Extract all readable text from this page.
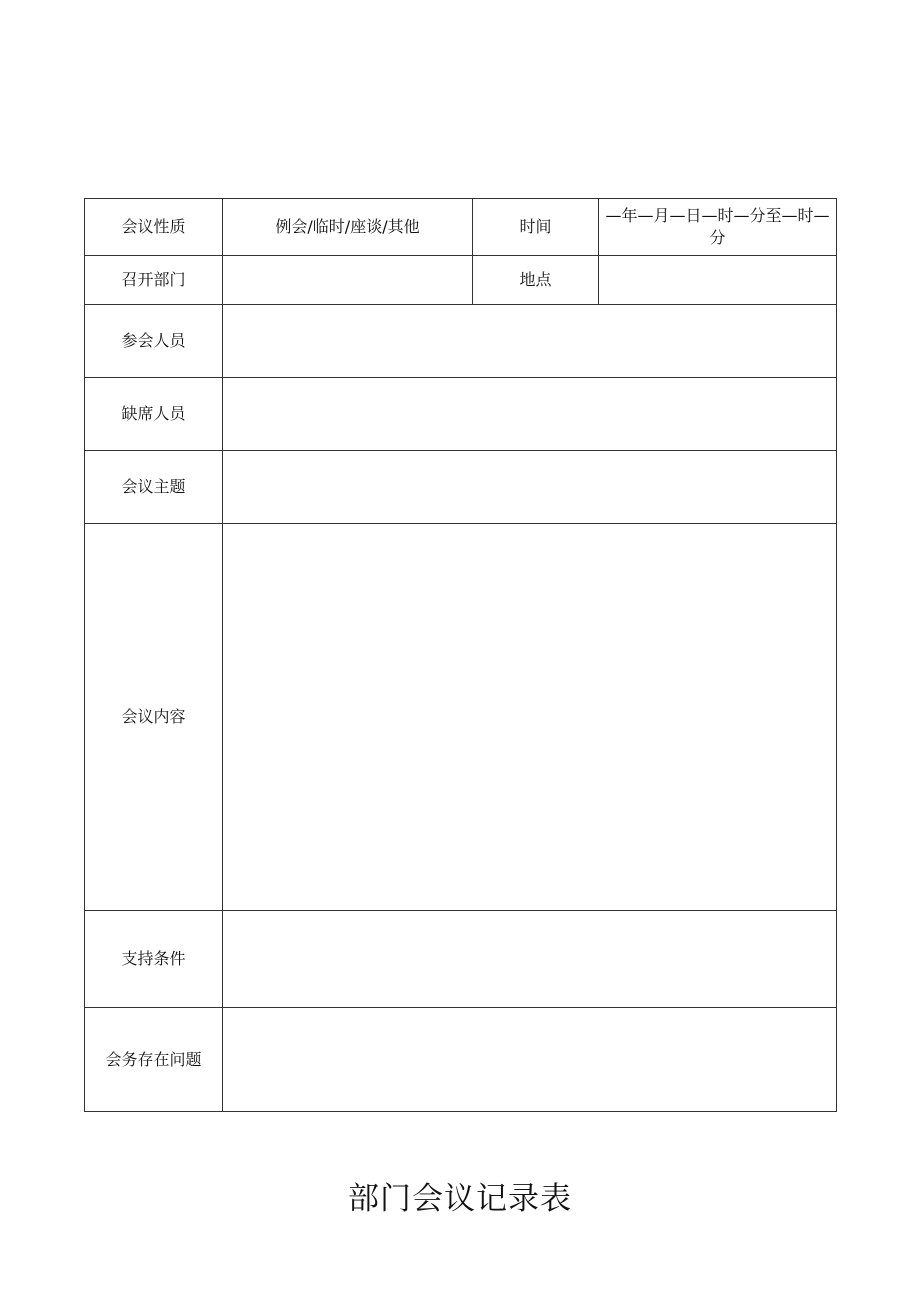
会议性质	例会/临时/座谈/其他	时间	—年—月—日—时—分至—时—分
召开部门		地点	
参会人员			
缺席人员			
会议主题			
会议内容			
支持条件			
会务存在问题			
部门会议记录表
